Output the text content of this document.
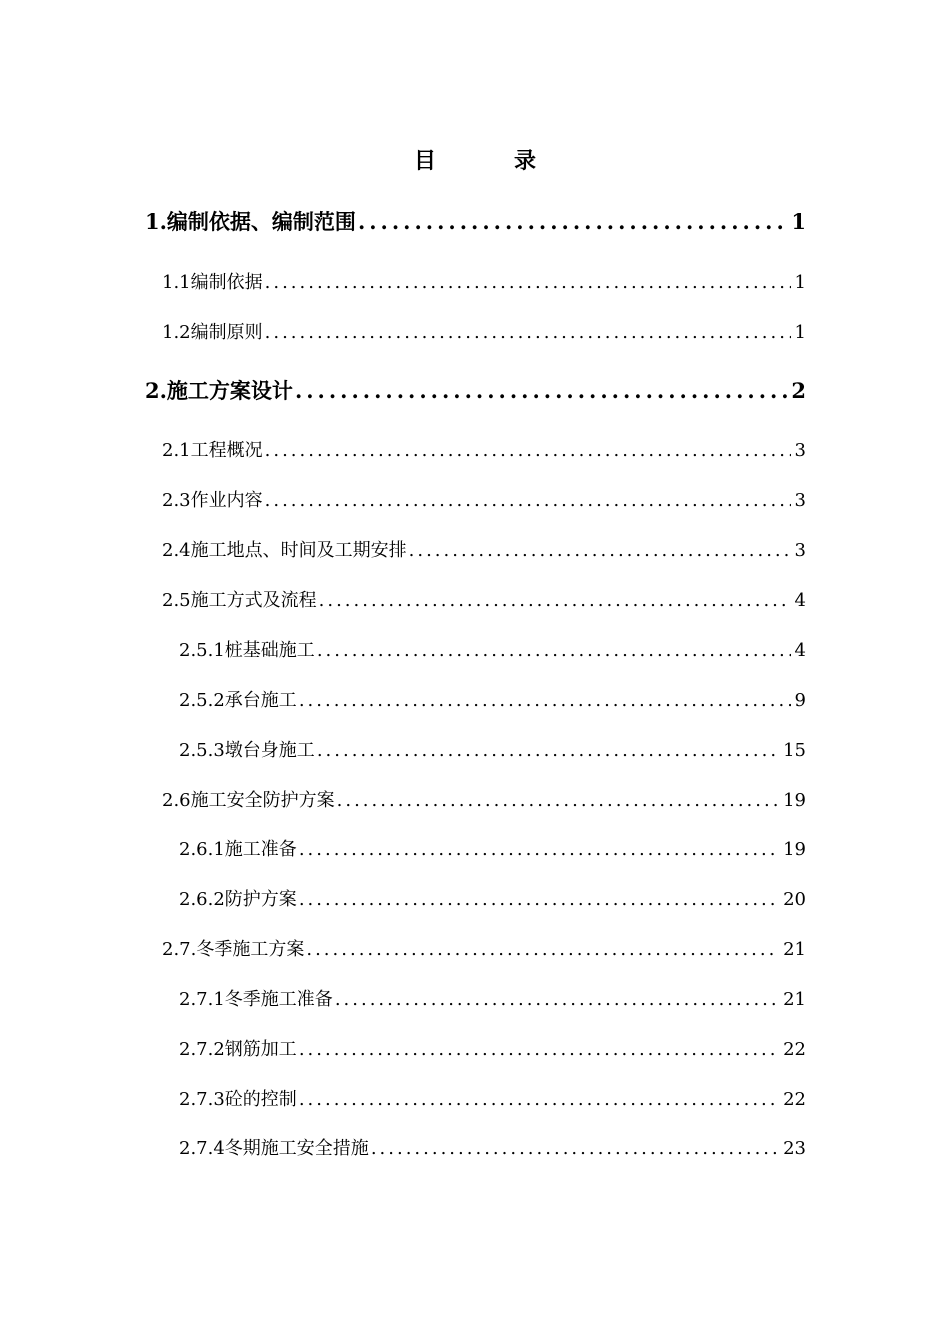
目　录
1.编制依据、编制范围 .....	1
1.1编制依据 .....	1
1.2编制原则 .....	1
2.施工方案设计 .....	2
2.1工程概况 .....	3
2.3作业内容 .....	3
2.4施工地点、时间及工期安排 .....	3
2.5施工方式及流程 .....	4
2.5.1桩基础施工 .....	4
2.5.2承台施工 .....	9
2.5.3墩台身施工 .....	15
2.6施工安全防护方案 .....	19
2.6.1施工准备 .....	19
2.6.2防护方案 .....	20
2.7.冬季施工方案 .....	21
2.7.1冬季施工准备 .....	21
2.7.2钢筋加工 .....	22
2.7.3砼的控制 .....	22
2.7.4冬期施工安全措施 .....	23
